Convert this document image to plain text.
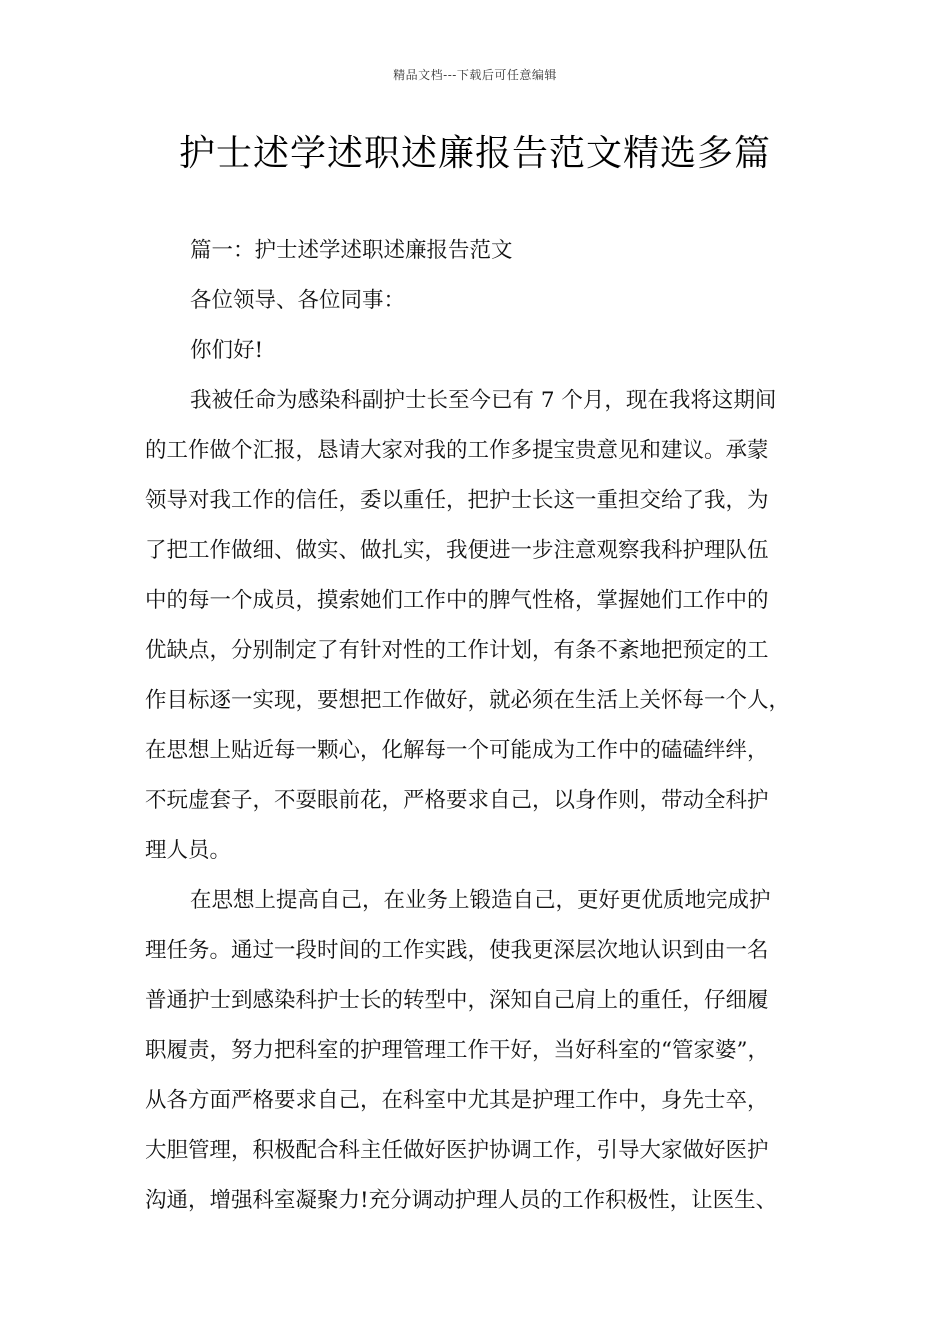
精品文档---下载后可任意编辑
护士述学述职述廉报告范文精选多篇
篇一：护士述学述职述廉报告范文
各位领导、各位同事：
你们好!
我被任命为感染科副护士长至今已有 7 个月，现在我将这期间
的工作做个汇报，恳请大家对我的工作多提宝贵意见和建议。承蒙
领导对我工作的信任，委以重任，把护士长这一重担交给了我，为
了把工作做细、做实、做扎实，我便进一步注意观察我科护理队伍
中的每一个成员，摸索她们工作中的脾气性格，掌握她们工作中的
优缺点，分别制定了有针对性的工作计划，有条不紊地把预定的工
作目标逐一实现，要想把工作做好，就必须在生活上关怀每一个人，
在思想上贴近每一颗心，化解每一个可能成为工作中的磕磕绊绊，
不玩虚套子，不耍眼前花，严格要求自己，以身作则，带动全科护
理人员。
在思想上提高自己，在业务上锻造自己，更好更优质地完成护
理任务。通过一段时间的工作实践，使我更深层次地认识到由一名
普通护士到感染科护士长的转型中，深知自己肩上的重任，仔细履
职履责，努力把科室的护理管理工作干好，当好科室的“管家婆”，
从各方面严格要求自己，在科室中尤其是护理工作中，身先士卒，
大胆管理，积极配合科主任做好医护协调工作，引导大家做好医护
沟通，增强科室凝聚力!充分调动护理人员的工作积极性，让医生、
